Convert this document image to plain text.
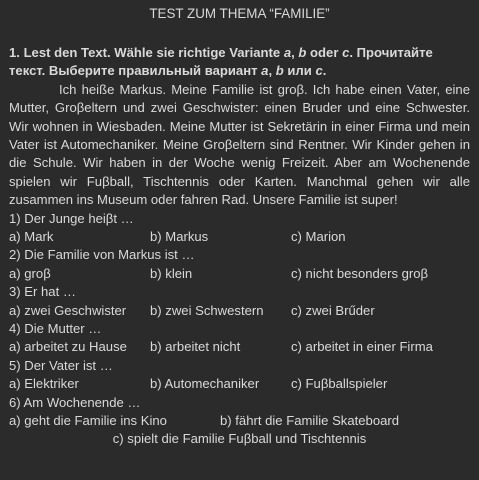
TEST ZUM THEMA “FAMILIE”
1. Lest den Text. Wähle sie richtige Variante a, b oder c. Прочитайте текст. Выберите правильный вариант a, b или c.
Ich heiße Markus. Meine Familie ist groβ. Ich habe einen Vater, eine Mutter, Groβeltern und zwei Geschwister: einen Bruder und eine Schwester. Wir wohnen in Wiesbaden. Meine Mutter ist Sekretärin in einer Firma und mein Vater ist Automechaniker. Meine Groβeltern sind Rentner. Wir Kinder gehen in die Schule. Wir haben in der Woche wenig Freizeit. Aber am Wochenende spielen wir Fuβball, Tischtennis oder Karten. Manchmal gehen wir alle zusammen ins Museum oder fahren Rad. Unsere Familie ist super!
1) Der Junge heiβt …
a) Mark	b) Markus	c) Marion
2) Die Familie von Markus ist …
a) groβ	b) klein	c) nicht besonders groβ
3) Er hat …
a) zwei Geschwister b) zwei Schwestern c) zwei Brűder
4) Die Mutter …
a) arbeitet zu Hause b) arbeitet nicht	c) arbeitet in einer Firma
5) Der Vater ist …
a) Elektriker	b) Automechaniker c) Fuβballspieler
6) Am Wochenende …
a) geht die Familie ins Kino	b) fährt die Familie Skateboard
c) spielt die Familie Fuβball und Tischtennis
